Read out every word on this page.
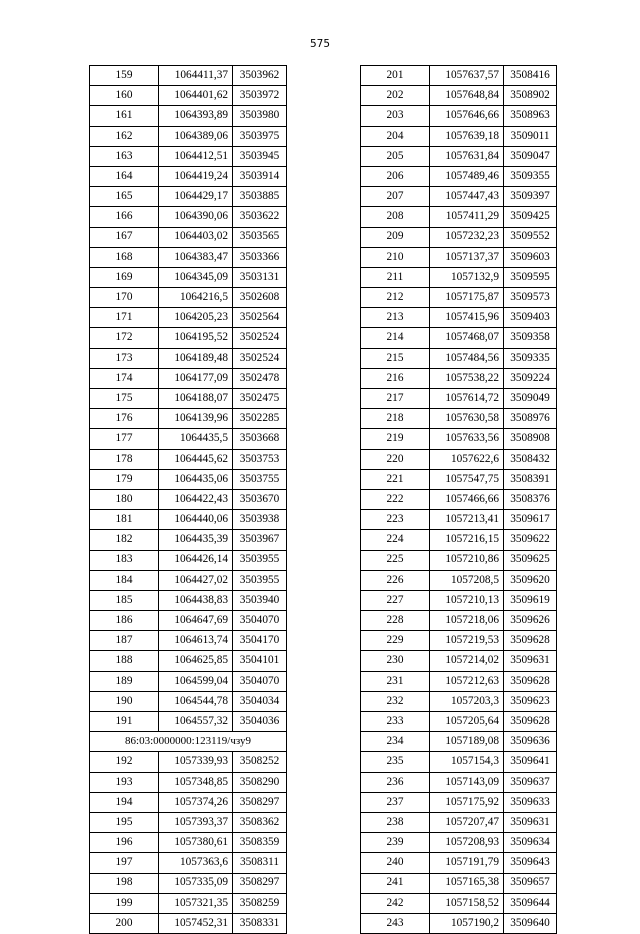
575
159	1064411,37	3503962
160	1064401,62	3503972
161	1064393,89	3503980
162	1064389,06	3503975
163	1064412,51	3503945
164	1064419,24	3503914
165	1064429,17	3503885
166	1064390,06	3503622
167	1064403,02	3503565
168	1064383,47	3503366
169	1064345,09	3503131
170	1064216,5	3502608
171	1064205,23	3502564
172	1064195,52	3502524
173	1064189,48	3502524
174	1064177,09	3502478
175	1064188,07	3502475
176	1064139,96	3502285
177	1064435,5	3503668
178	1064445,62	3503753
179	1064435,06	3503755
180	1064422,43	3503670
181	1064440,06	3503938
182	1064435,39	3503967
183	1064426,14	3503955
184	1064427,02	3503955
185	1064438,83	3503940
186	1064647,69	3504070
187	1064613,74	3504170
188	1064625,85	3504101
189	1064599,04	3504070
190	1064544,78	3504034
191	1064557,32	3504036
86:03:0000000:123119/чзу9		
192	1057339,93	3508252
193	1057348,85	3508290
194	1057374,26	3508297
195	1057393,37	3508362
196	1057380,61	3508359
197	1057363,6	3508311
198	1057335,09	3508297
199	1057321,35	3508259
200	1057452,31	3508331
201	1057637,57	3508416
202	1057648,84	3508902
203	1057646,66	3508963
204	1057639,18	3509011
205	1057631,84	3509047
206	1057489,46	3509355
207	1057447,43	3509397
208	1057411,29	3509425
209	1057232,23	3509552
210	1057137,37	3509603
211	1057132,9	3509595
212	1057175,87	3509573
213	1057415,96	3509403
214	1057468,07	3509358
215	1057484,56	3509335
216	1057538,22	3509224
217	1057614,72	3509049
218	1057630,58	3508976
219	1057633,56	3508908
220	1057622,6	3508432
221	1057547,75	3508391
222	1057466,66	3508376
223	1057213,41	3509617
224	1057216,15	3509622
225	1057210,86	3509625
226	1057208,5	3509620
227	1057210,13	3509619
228	1057218,06	3509626
229	1057219,53	3509628
230	1057214,02	3509631
231	1057212,63	3509628
232	1057203,3	3509623
233	1057205,64	3509628
234	1057189,08	3509636
235	1057154,3	3509641
236	1057143,09	3509637
237	1057175,92	3509633
238	1057207,47	3509631
239	1057208,93	3509634
240	1057191,79	3509643
241	1057165,38	3509657
242	1057158,52	3509644
243	1057190,2	3509640
